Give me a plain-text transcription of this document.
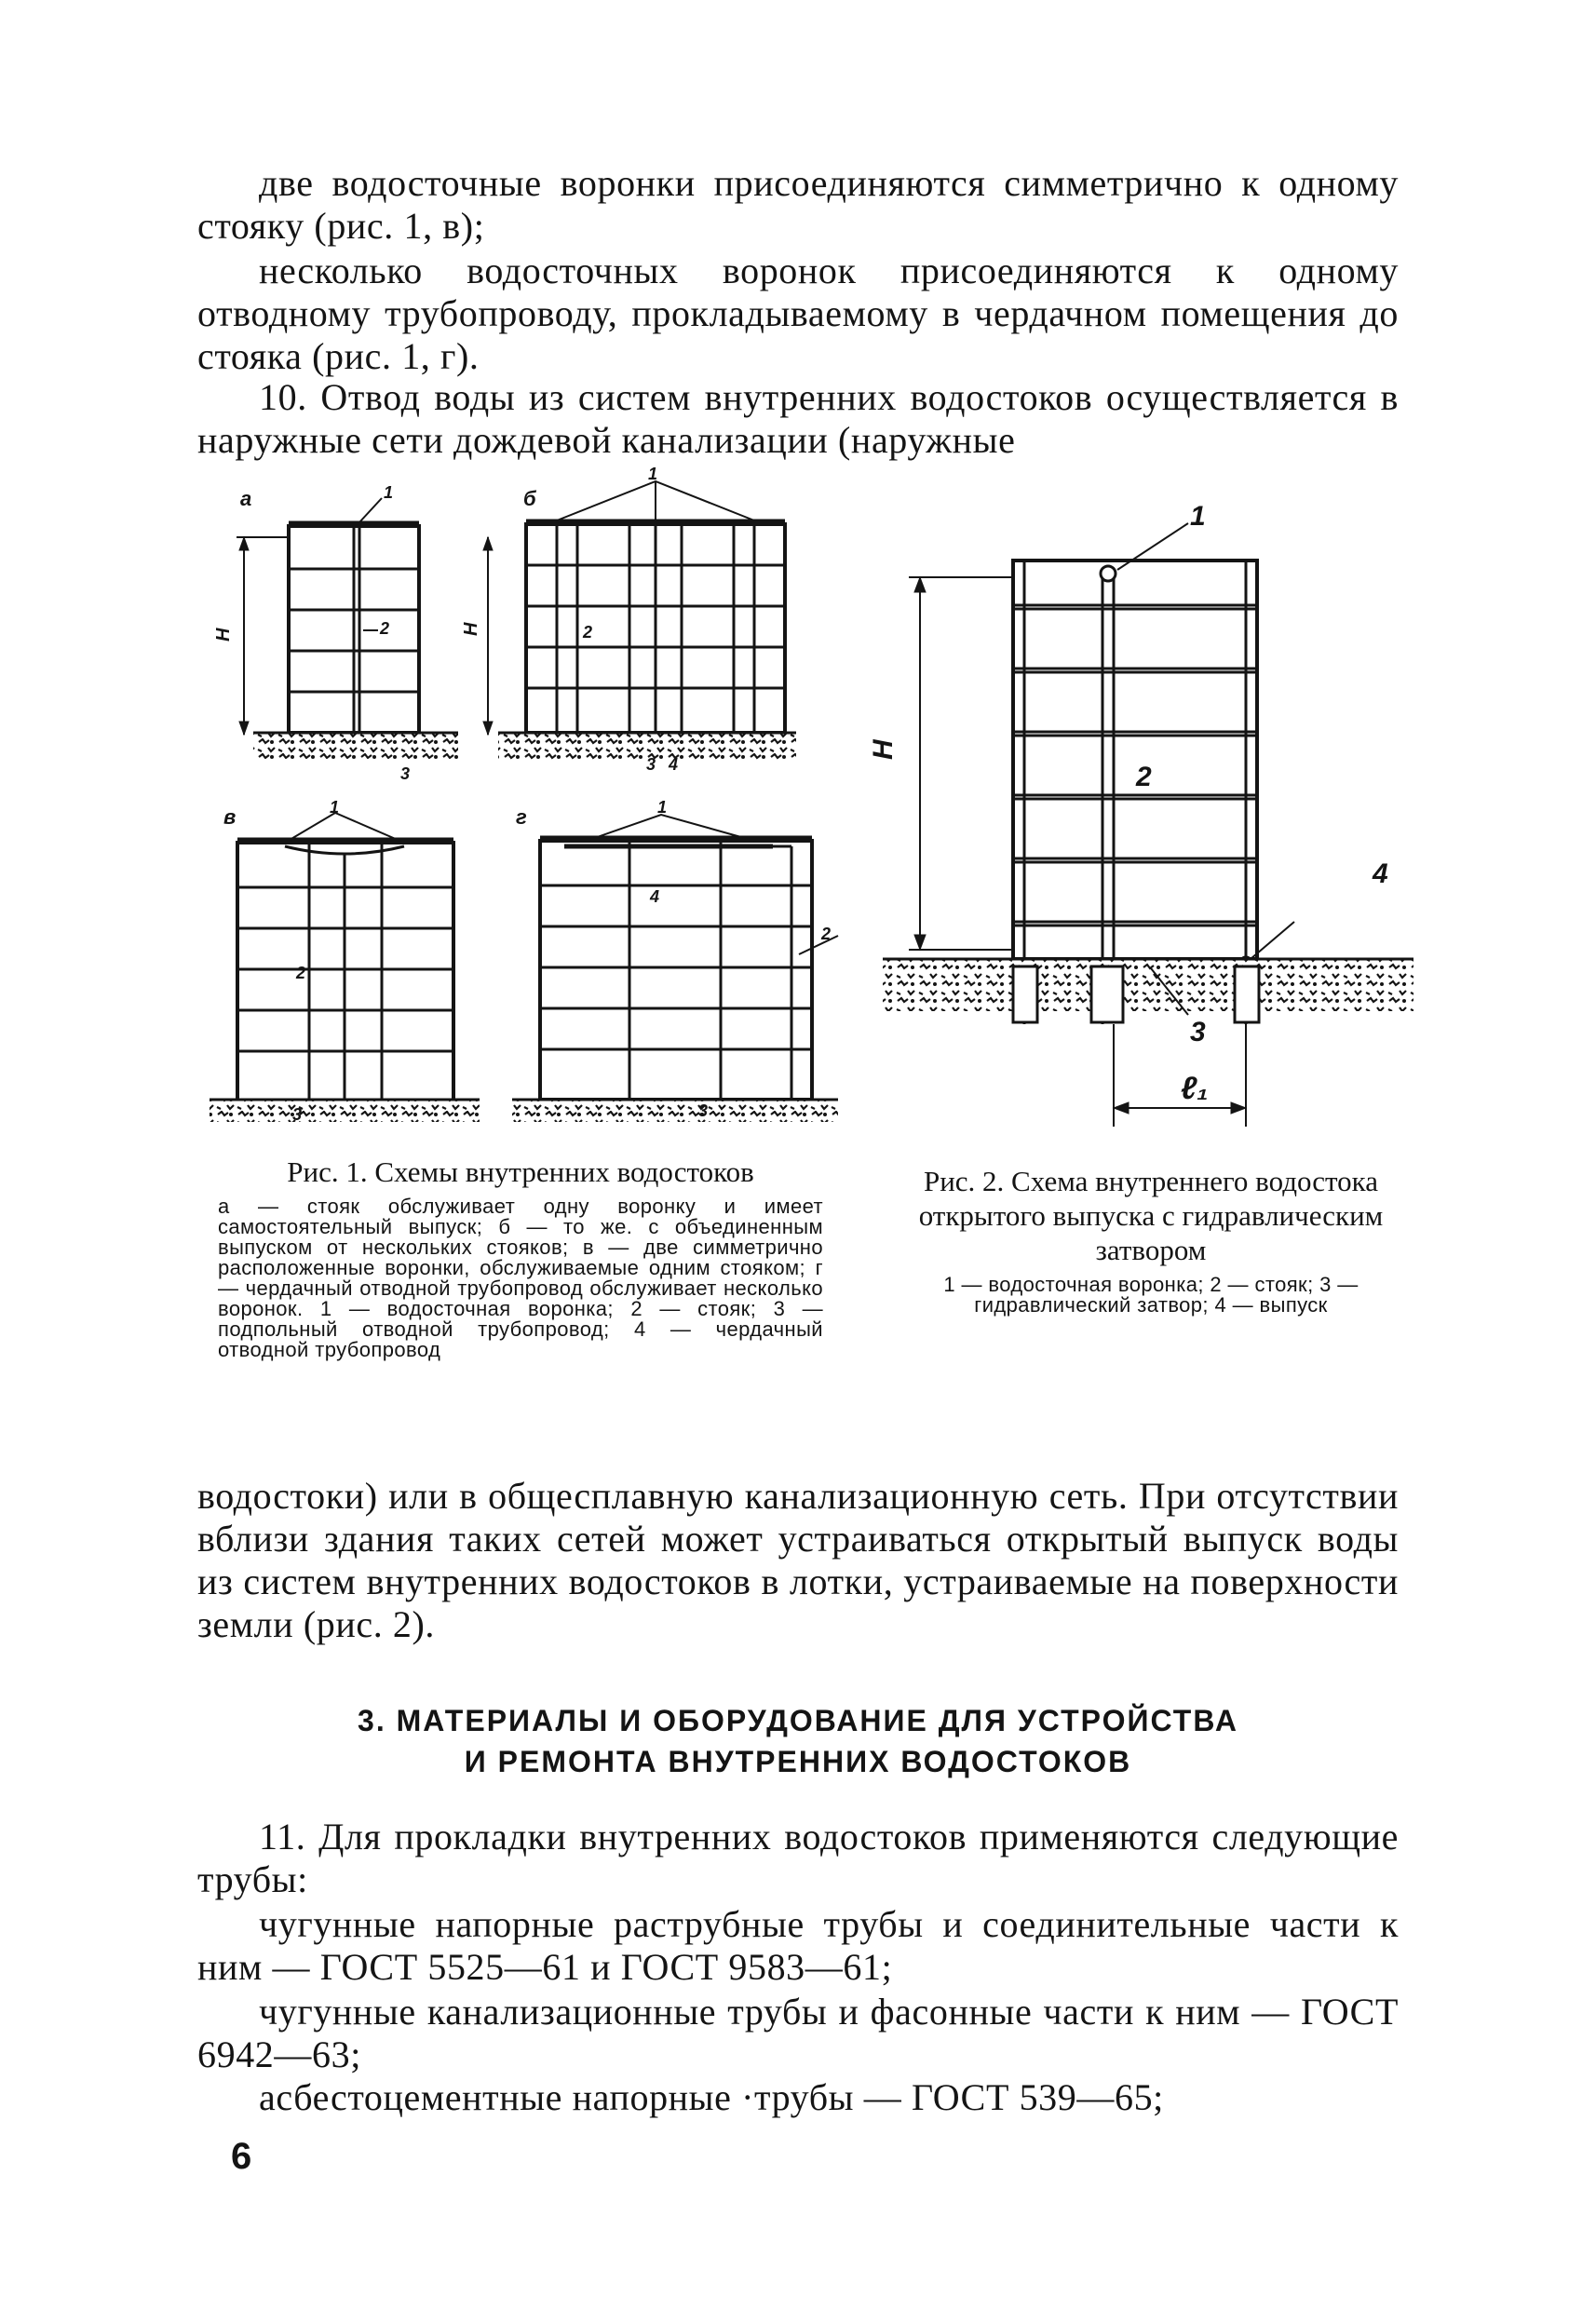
две водосточные воронки присоединяются симметрично к одному стояку (рис. 1, в);

несколько водосточных воронок присоединяются к одному отводному трубопроводу, прокладываемому в чердачном помещения до стояка (рис. 1, г).

10. Отвод воды из систем внутренних водостоков осуществляется в наружные сети дождевой канализации (наружные

а	б
в	г
H	H
1
1
1	1
2	2
2
2
3	3
3	3
4
4
H
ℓ₁
1
2
3
4

Рис. 1. Схемы внутренних водостоков

а — стояк обслуживает одну воронку и имеет самостоятельный выпуск; б — то же. с объединенным выпуском от нескольких стояков; в — две симметрично расположенные воронки, обслуживаемые одним стояком; г — чердачный отводной трубопровод обслуживает несколько воронок. 1 — водосточная воронка; 2 — стояк; 3 — подпольный отводной трубопровод; 4 — чердачный отводной трубопровод

Рис. 2. Схема внутреннего водостока открытого выпуска с гидравлическим затвором

1 — водосточная воронка; 2 — стояк; 3 — гидравлический затвор; 4 — выпуск

водостоки) или в общесплавную канализационную сеть. При отсутствии вблизи здания таких сетей может устраиваться открытый выпуск воды из систем внутренних водостоков в лотки, устраиваемые на поверхности земли (рис. 2).

3. МАТЕРИАЛЫ И ОБОРУДОВАНИЕ ДЛЯ УСТРОЙСТВА
И РЕМОНТА ВНУТРЕННИХ ВОДОСТОКОВ

11. Для прокладки внутренних водостоков применяются следующие трубы:

чугунные напорные раструбные трубы и соединительные части к ним — ГОСТ 5525—61 и ГОСТ 9583—61;

чугунные канализационные трубы и фасонные части к ним — ГОСТ 6942—63;

асбестоцементные напорные ·трубы — ГОСТ 539—65;

6
